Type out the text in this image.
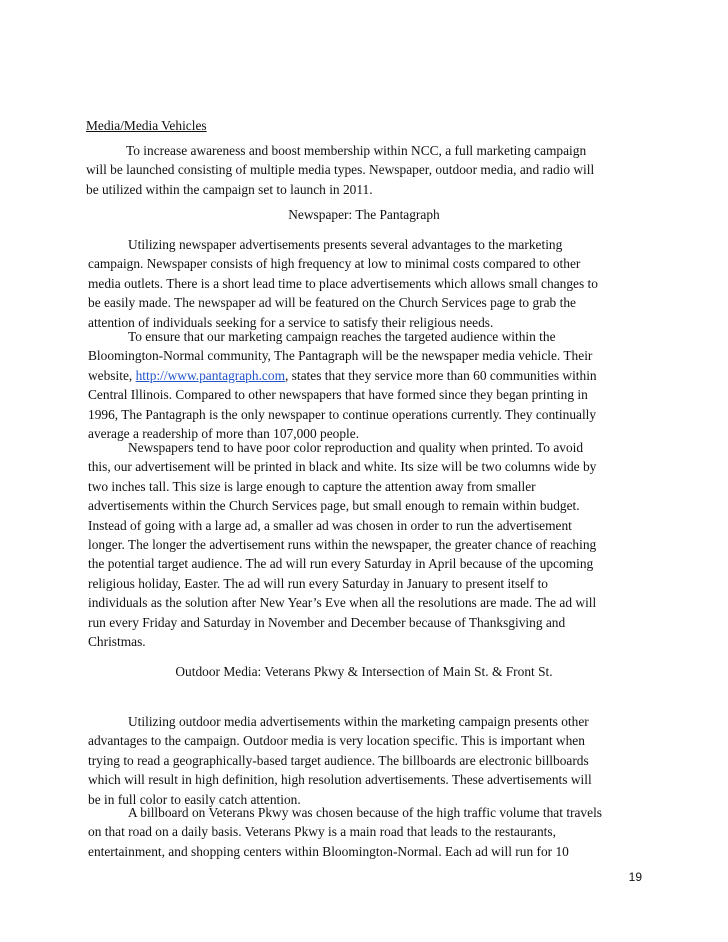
Media/Media Vehicles
To increase awareness and boost membership within NCC, a full marketing campaign
will be launched consisting of multiple media types. Newspaper, outdoor media, and radio will
be utilized within the campaign set to launch in 2011.
Newspaper: The Pantagraph
Utilizing newspaper advertisements presents several advantages to the marketing
campaign. Newspaper consists of high frequency at low to minimal costs compared to other
media outlets. There is a short lead time to place advertisements which allows small changes to
be easily made. The newspaper ad will be featured on the Church Services page to grab the
attention of individuals seeking for a service to satisfy their religious needs.
To ensure that our marketing campaign reaches the targeted audience within the
Bloomington-Normal community, The Pantagraph will be the newspaper media vehicle. Their
website, http://www.pantagraph.com, states that they service more than 60 communities within
Central Illinois. Compared to other newspapers that have formed since they began printing in
1996, The Pantagraph is the only newspaper to continue operations currently. They continually
average a readership of more than 107,000 people.
Newspapers tend to have poor color reproduction and quality when printed. To avoid
this, our advertisement will be printed in black and white. Its size will be two columns wide by
two inches tall. This size is large enough to capture the attention away from smaller
advertisements within the Church Services page, but small enough to remain within budget.
Instead of going with a large ad, a smaller ad was chosen in order to run the advertisement
longer. The longer the advertisement runs within the newspaper, the greater chance of reaching
the potential target audience. The ad will run every Saturday in April because of the upcoming
religious holiday, Easter. The ad will run every Saturday in January to present itself to
individuals as the solution after New Year’s Eve when all the resolutions are made. The ad will
run every Friday and Saturday in November and December because of Thanksgiving and
Christmas.
Outdoor Media: Veterans Pkwy & Intersection of Main St. & Front St.
Utilizing outdoor media advertisements within the marketing campaign presents other
advantages to the campaign. Outdoor media is very location specific. This is important when
trying to read a geographically-based target audience. The billboards are electronic billboards
which will result in high definition, high resolution advertisements. These advertisements will
be in full color to easily catch attention.
A billboard on Veterans Pkwy was chosen because of the high traffic volume that travels
on that road on a daily basis. Veterans Pkwy is a main road that leads to the restaurants,
entertainment, and shopping centers within Bloomington-Normal. Each ad will run for 10
19
